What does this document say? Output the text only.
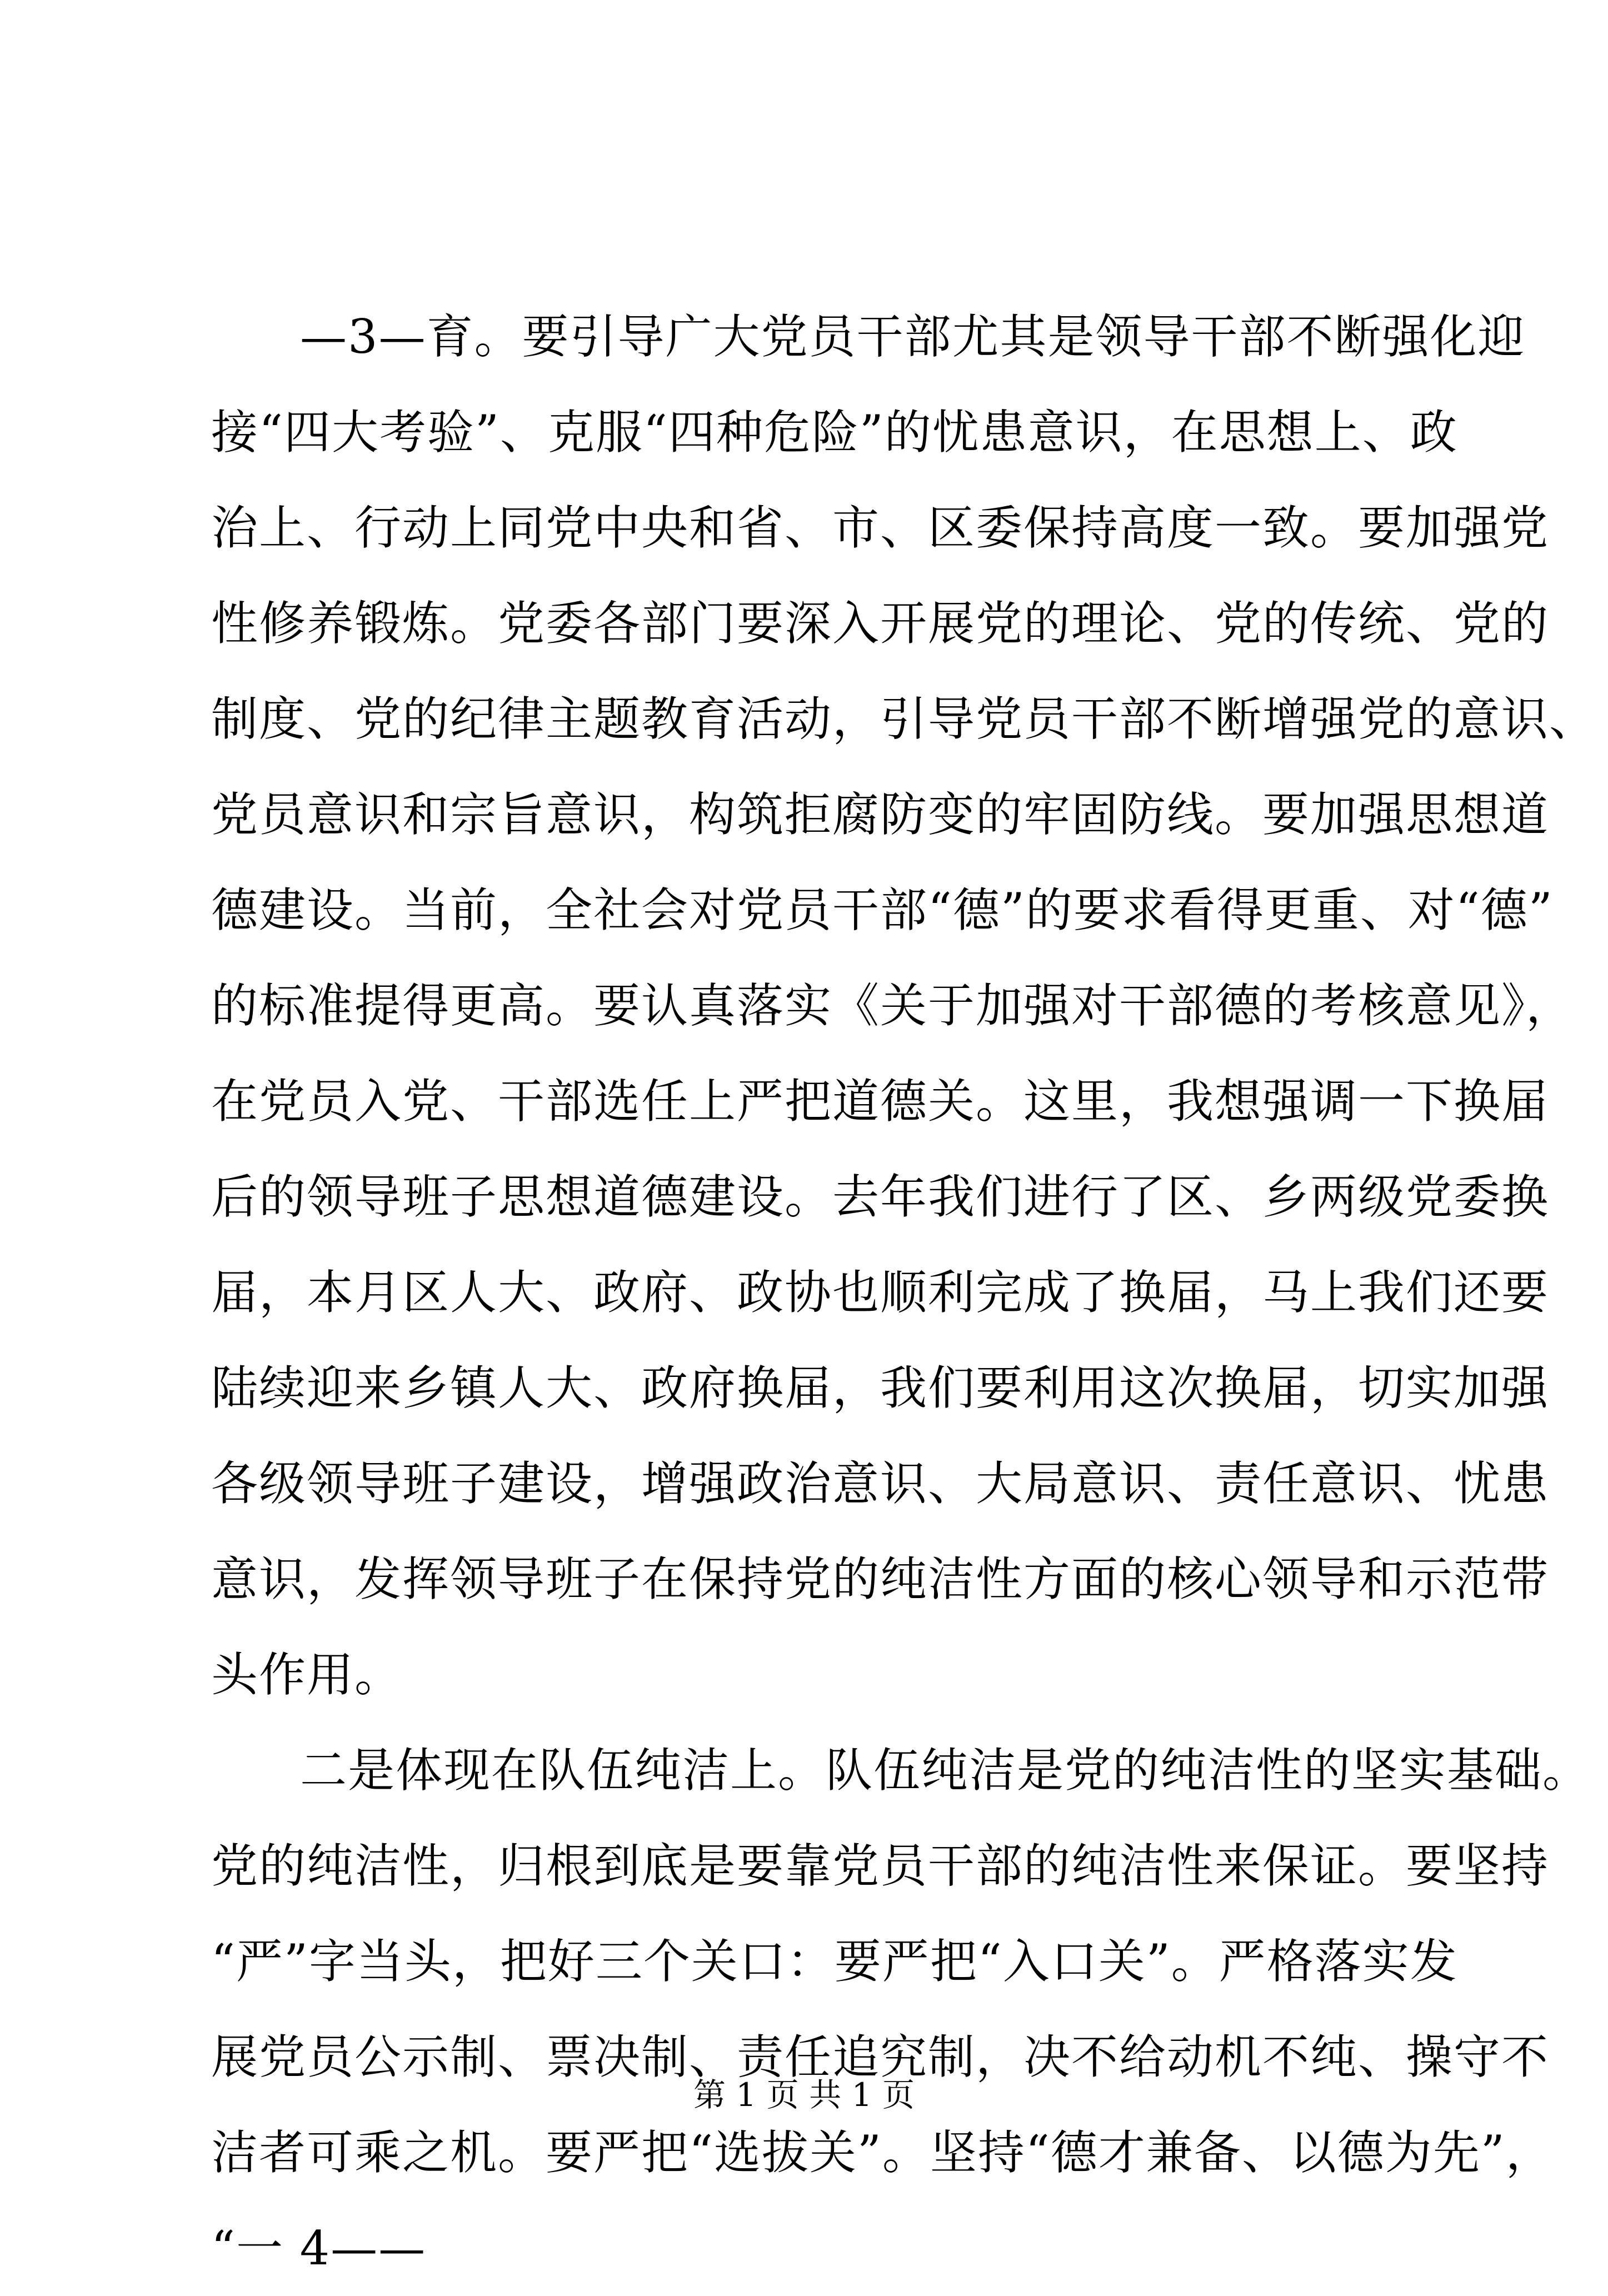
—3—育。要引导广大党员干部尤其是领导干部不断强化迎
接“四大考验”、克服“四种危险”的忧患意识，在思想上、政
治上、行动上同党中央和省、市、区委保持高度一致。要加强党
性修养锻炼。党委各部门要深入开展党的理论、党的传统、党的
制度、党的纪律主题教育活动，引导党员干部不断增强党的意识、
党员意识和宗旨意识，构筑拒腐防变的牢固防线。要加强思想道
德建设。当前，全社会对党员干部“德”的要求看得更重、对“德”
的标准提得更高。要认真落实《关于加强对干部德的考核意见》，
在党员入党、干部选任上严把道德关。这里，我想强调一下换届
后的领导班子思想道德建设。去年我们进行了区、乡两级党委换
届，本月区人大、政府、政协也顺利完成了换届，马上我们还要
陆续迎来乡镇人大、政府换届，我们要利用这次换届，切实加强
各级领导班子建设，增强政治意识、大局意识、责任意识、忧患
意识，发挥领导班子在保持党的纯洁性方面的核心领导和示范带
头作用。
二是体现在队伍纯洁上。队伍纯洁是党的纯洁性的坚实基础。
党的纯洁性，归根到底是要靠党员干部的纯洁性来保证。要坚持
“严”字当头，把好三个关口：要严把“入口关”。严格落实发
展党员公示制、票决制、责任追究制，决不给动机不纯、操守不
洁者可乘之机。要严把“选拔关”。坚持“德才兼备、以德为先”，
“一 4——
第 1 页 共 1 页
